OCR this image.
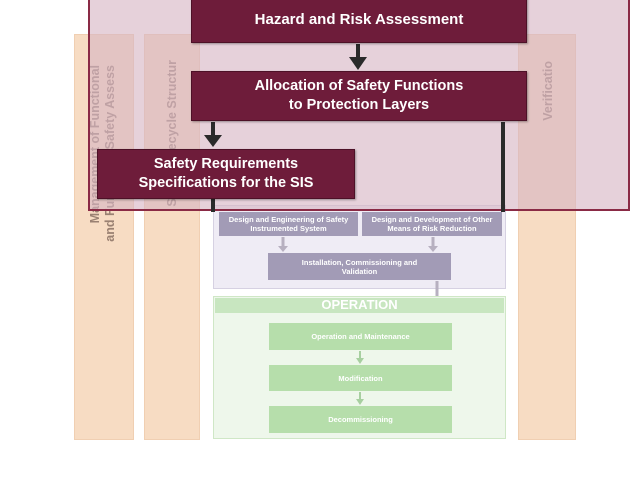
Design and Engineering of Safety Instrumented System
Design and Development of Other Means of Risk Reduction
Installation, Commissioning and Validation
OPERATION
Operation and Maintenance
Modification
Decommissioning
Hazard and Risk Assessment
Allocation of Safety Functions
to Protection Layers
Safety Requirements
Specifications for the SIS
